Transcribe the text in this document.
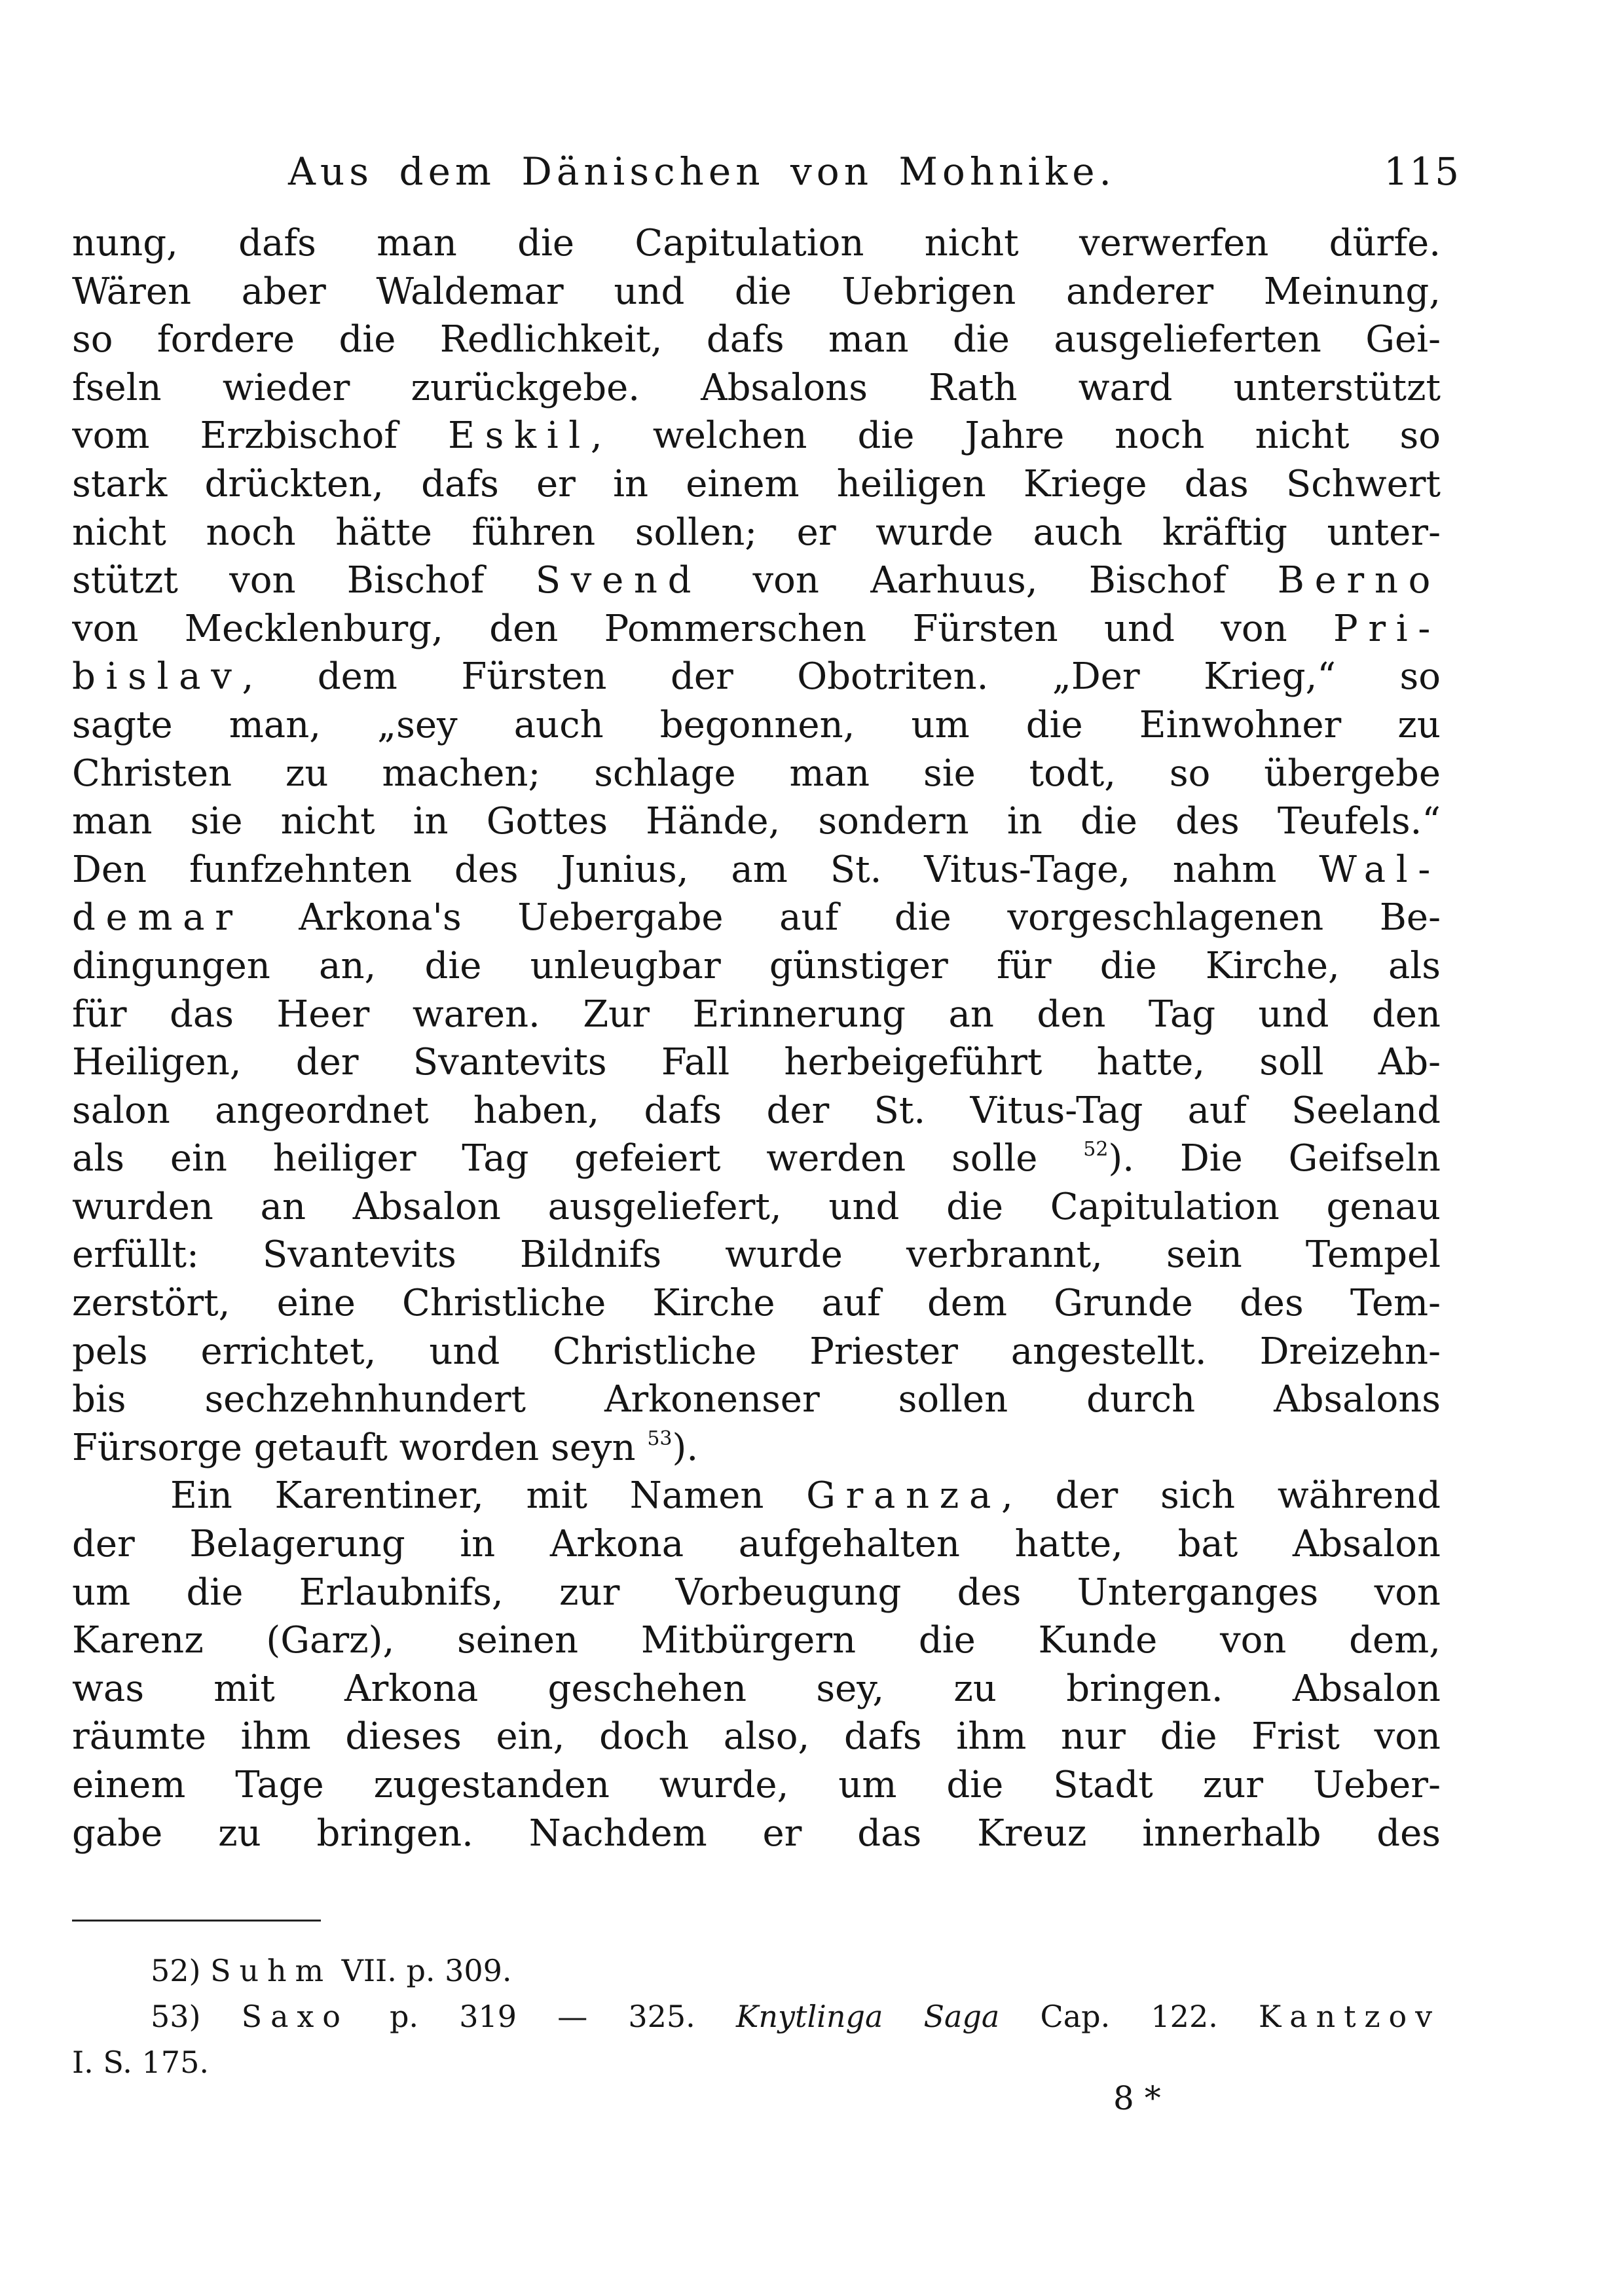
Aus dem Dänischen von Mohnike.	115
nung, dafs man die Capitulation nicht verwerfen dürfe.
Wären aber Waldemar und die Uebrigen anderer Meinung,
so fordere die Redlichkeit, dafs man die ausgelieferten Gei-
fseln wieder zurückgebe. Absalons Rath ward unterstützt
vom Erzbischof Eskil, welchen die Jahre noch nicht so
stark drückten, dafs er in einem heiligen Kriege das Schwert
nicht noch hätte führen sollen; er wurde auch kräftig unter-
stützt von Bischof Svend von Aarhuus, Bischof Berno
von Mecklenburg, den Pommerschen Fürsten und von Pri-
bislav, dem Fürsten der Obotriten. „Der Krieg,“ so
sagte man, „sey auch begonnen, um die Einwohner zu
Christen zu machen; schlage man sie todt, so übergebe
man sie nicht in Gottes Hände, sondern in die des Teufels.“
Den funfzehnten des Junius, am St. Vitus-Tage, nahm Wal-
demar Arkona's Uebergabe auf die vorgeschlagenen Be-
dingungen an, die unleugbar günstiger für die Kirche, als
für das Heer waren. Zur Erinnerung an den Tag und den
Heiligen, der Svantevits Fall herbeigeführt hatte, soll Ab-
salon angeordnet haben, dafs der St. Vitus-Tag auf Seeland
als ein heiliger Tag gefeiert werden solle $^{52}$). Die Geifseln
wurden an Absalon ausgeliefert, und die Capitulation genau
erfüllt: Svantevits Bildnifs wurde verbrannt, sein Tempel
zerstört, eine Christliche Kirche auf dem Grunde des Tem-
pels errichtet, und Christliche Priester angestellt. Dreizehn-
bis sechzehnhundert Arkonenser sollen durch Absalons
Fürsorge getauft worden seyn $^{53}$).
Ein Karentiner, mit Namen Granza, der sich während
der Belagerung in Arkona aufgehalten hatte, bat Absalon
um die Erlaubnifs, zur Vorbeugung des Unterganges von
Karenz (Garz), seinen Mitbürgern die Kunde von dem,
was mit Arkona geschehen sey, zu bringen. Absalon
räumte ihm dieses ein, doch also, dafs ihm nur die Frist von
einem Tage zugestanden wurde, um die Stadt zur Ueber-
gabe zu bringen. Nachdem er das Kreuz innerhalb des
52) Suhm VII. p. 309.
53) Saxo p. 319 — 325. Knytlinga Saga Cap. 122. Kantzov
I. S. 175.
8 *
